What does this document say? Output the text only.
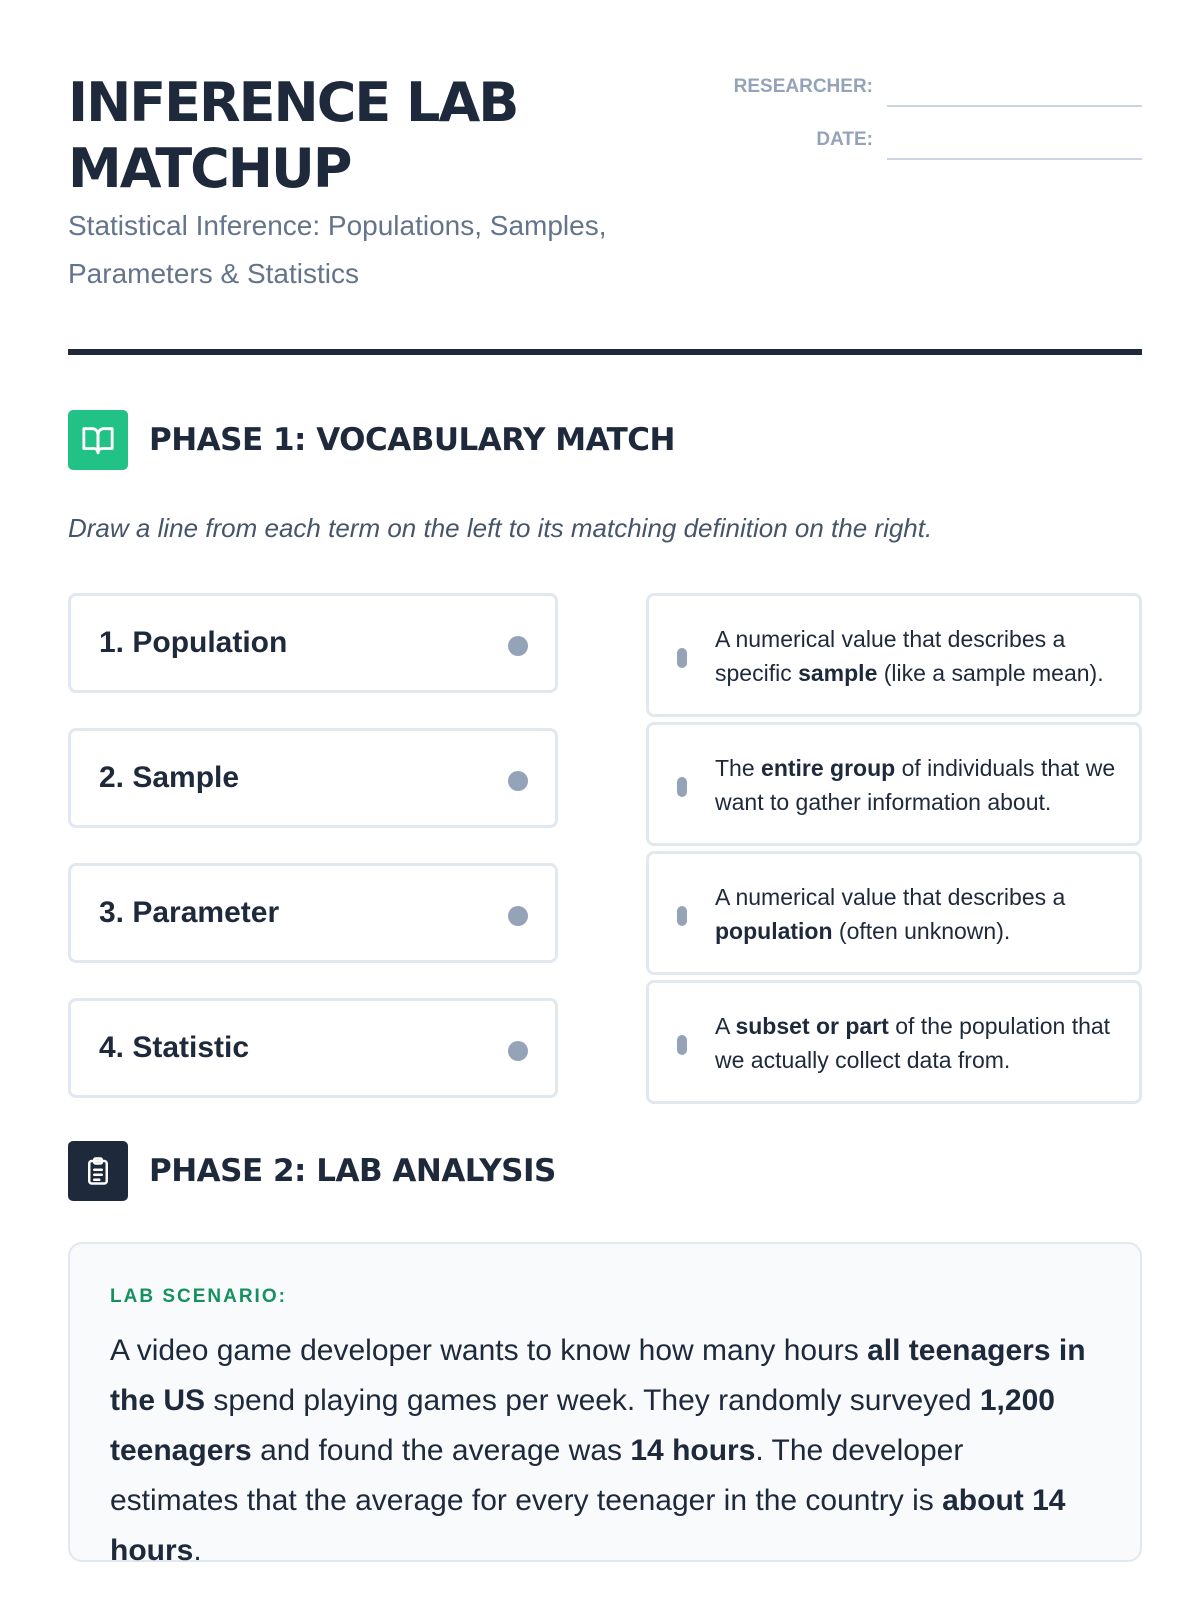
INFERENCE LAB MATCHUP
Statistical Inference: Populations, Samples, Parameters & Statistics
RESEARCHER:
DATE:
PHASE 1: VOCABULARY MATCH
Draw a line from each term on the left to its matching definition on the right.
1. Population
2. Sample
3. Parameter
4. Statistic
A numerical value that describes a specific sample (like a sample mean).
The entire group of individuals that we want to gather information about.
A numerical value that describes a population (often unknown).
A subset or part of the population that we actually collect data from.
PHASE 2: LAB ANALYSIS
LAB SCENARIO:
A video game developer wants to know how many hours all teenagers in the US spend playing games per week. They randomly surveyed 1,200 teenagers and found the average was 14 hours. The developer estimates that the average for every teenager in the country is about 14 hours.
